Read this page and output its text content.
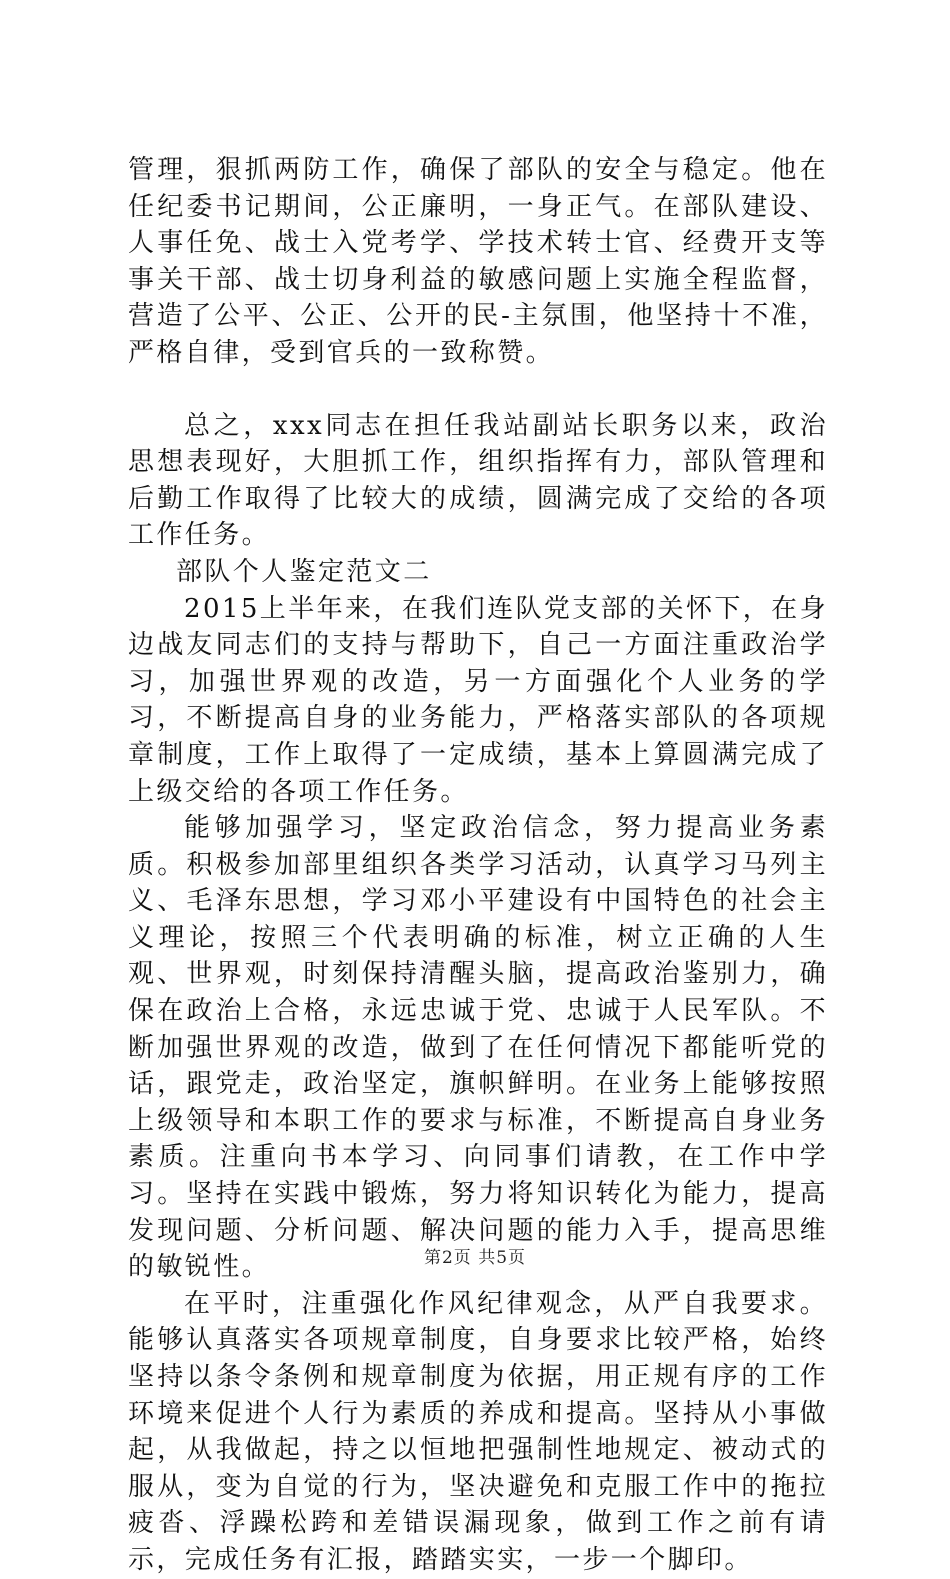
管理，狠抓两防工作，确保了部队的安全与稳定。他在任纪委书记期间，公正廉明，一身正气。在部队建设、人事任免、战士入党考学、学技术转士官、经费开支等事关干部、战士切身利益的敏感问题上实施全程监督，营造了公平、公正、公开的民-主氛围，他坚持十不准，严格自律，受到官兵的一致称赞。

总之，xxx同志在担任我站副站长职务以来，政治思想表现好，大胆抓工作，组织指挥有力，部队管理和后勤工作取得了比较大的成绩，圆满完成了交给的各项工作任务。

部队个人鉴定范文二

2015上半年来，在我们连队党支部的关怀下，在身边战友同志们的支持与帮助下，自己一方面注重政治学习，加强世界观的改造，另一方面强化个人业务的学习，不断提高自身的业务能力，严格落实部队的各项规章制度，工作上取得了一定成绩，基本上算圆满完成了上级交给的各项工作任务。

能够加强学习，坚定政治信念，努力提高业务素质。积极参加部里组织各类学习活动，认真学习马列主义、毛泽东思想，学习邓小平建设有中国特色的社会主义理论，按照三个代表明确的标准，树立正确的人生观、世界观，时刻保持清醒头脑，提高政治鉴别力，确保在政治上合格，永远忠诚于党、忠诚于人民军队。不断加强世界观的改造，做到了在任何情况下都能听党的话，跟党走，政治坚定，旗帜鲜明。在业务上能够按照上级领导和本职工作的要求与标准，不断提高自身业务素质。注重向书本学习、向同事们请教，在工作中学习。坚持在实践中锻炼，努力将知识转化为能力，提高发现问题、分析问题、解决问题的能力入手，提高思维的敏锐性。

在平时，注重强化作风纪律观念，从严自我要求。能够认真落实各项规章制度，自身要求比较严格，始终坚持以条令条例和规章制度为依据，用正规有序的工作环境来促进个人行为素质的养成和提高。坚持从小事做起，从我做起，持之以恒地把强制性地规定、被动式的服从，变为自觉的行为，坚决避免和克服工作中的拖拉疲沓、浮躁松跨和差错误漏现象，做到工作之前有请示，完成任务有汇报，踏踏实实，一步一个脚印。

第2页 共5页
